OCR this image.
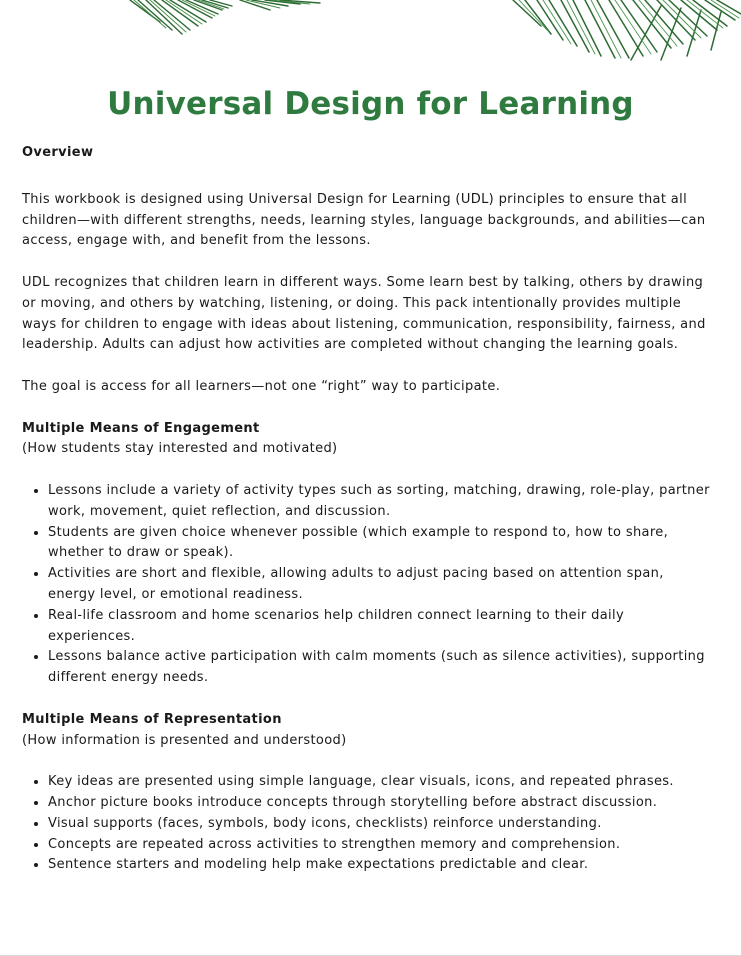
Universal Design for Learning
Overview

This workbook is designed using Universal Design for Learning (UDL) principles to ensure that all children—with different strengths, needs, learning styles, language backgrounds, and abilities—can access, engage with, and benefit from the lessons.

UDL recognizes that children learn in different ways. Some learn best by talking, others by drawing or moving, and others by watching, listening, or doing. This pack intentionally provides multiple ways for children to engage with ideas about listening, communication, responsibility, fairness, and leadership. Adults can adjust how activities are completed without changing the learning goals.

The goal is access for all learners—not one “right” way to participate.

Multiple Means of Engagement

(How students stay interested and motivated)

• Lessons include a variety of activity types such as sorting, matching, drawing, role-play, partner work, movement, quiet reflection, and discussion.
• Students are given choice whenever possible (which example to respond to, how to share, whether to draw or speak).
• Activities are short and flexible, allowing adults to adjust pacing based on attention span, energy level, or emotional readiness.
• Real-life classroom and home scenarios help children connect learning to their daily experiences.
• Lessons balance active participation with calm moments (such as silence activities), supporting different energy needs.
Multiple Means of Representation

(How information is presented and understood)

• Key ideas are presented using simple language, clear visuals, icons, and repeated phrases.
• Anchor picture books introduce concepts through storytelling before abstract discussion.
• Visual supports (faces, symbols, body icons, checklists) reinforce understanding.
• Concepts are repeated across activities to strengthen memory and comprehension.
• Sentence starters and modeling help make expectations predictable and clear.
